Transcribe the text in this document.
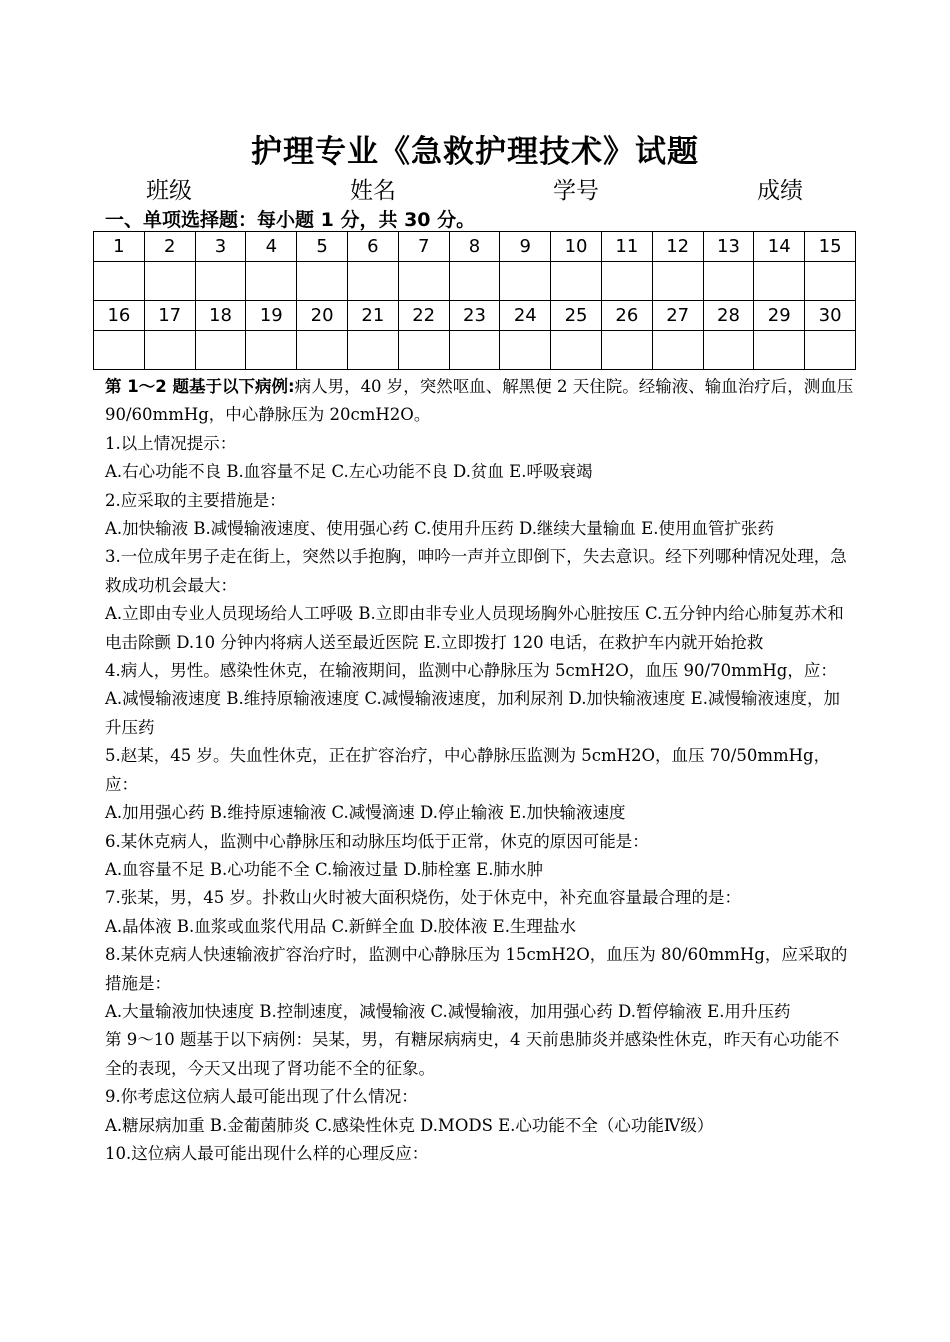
护理专业《急救护理技术》试题
班级	姓名	学号	成绩
一、单项选择题：每小题 1 分，共 30 分。
1	2	3	4	5	6	7	8	9	10	11	12	13	14	15

16	17	18	19	20	21	22	23	24	25	26	27	28	29	30

第 1～2 题基于以下病例:病人男，40 岁，突然呕血、解黑便 2 天住院。经输液、输血治疗后，测血压 90/60mmHg，中心静脉压为 20cmH2O。

1.以上情况提示：

A.右心功能不良 B.血容量不足 C.左心功能不良 D.贫血 E.呼吸衰竭

2.应采取的主要措施是：

A.加快输液 B.减慢输液速度、使用强心药 C.使用升压药 D.继续大量输血 E.使用血管扩张药

3.一位成年男子走在街上，突然以手抱胸，呻吟一声并立即倒下，失去意识。经下列哪种情况处理，急救成功机会最大：

A.立即由专业人员现场给人工呼吸 B.立即由非专业人员现场胸外心脏按压 C.五分钟内给心肺复苏术和电击除颤 D.10 分钟内将病人送至最近医院 E.立即拨打 120 电话，在救护车内就开始抢救

4.病人，男性。感染性休克，在输液期间，监测中心静脉压为 5cmH2O，血压 90/70mmHg，应：

A.减慢输液速度 B.维持原输液速度 C.减慢输液速度，加利尿剂 D.加快输液速度 E.减慢输液速度，加升压药

5.赵某，45 岁。失血性休克，正在扩容治疗，中心静脉压监测为 5cmH2O，血压 70/50mmHg，应：

A.加用强心药 B.维持原速输液 C.减慢滴速 D.停止输液 E.加快输液速度

6.某休克病人，监测中心静脉压和动脉压均低于正常，休克的原因可能是：

A.血容量不足 B.心功能不全 C.输液过量 D.肺栓塞 E.肺水肿

7.张某，男，45 岁。扑救山火时被大面积烧伤，处于休克中，补充血容量最合理的是：

A.晶体液 B.血浆或血浆代用品 C.新鲜全血 D.胶体液 E.生理盐水

8.某休克病人快速输液扩容治疗时，监测中心静脉压为 15cmH2O，血压为 80/60mmHg，应采取的措施是：

A.大量输液加快速度 B.控制速度，减慢输液 C.减慢输液，加用强心药 D.暂停输液 E.用升压药

第 9～10 题基于以下病例：吴某，男，有糖尿病病史，4 天前患肺炎并感染性休克，昨天有心功能不全的表现，今天又出现了肾功能不全的征象。

9.你考虑这位病人最可能出现了什么情况：

A.糖尿病加重 B.金葡菌肺炎 C.感染性休克 D.MODS E.心功能不全（心功能Ⅳ级）

10.这位病人最可能出现什么样的心理反应：
